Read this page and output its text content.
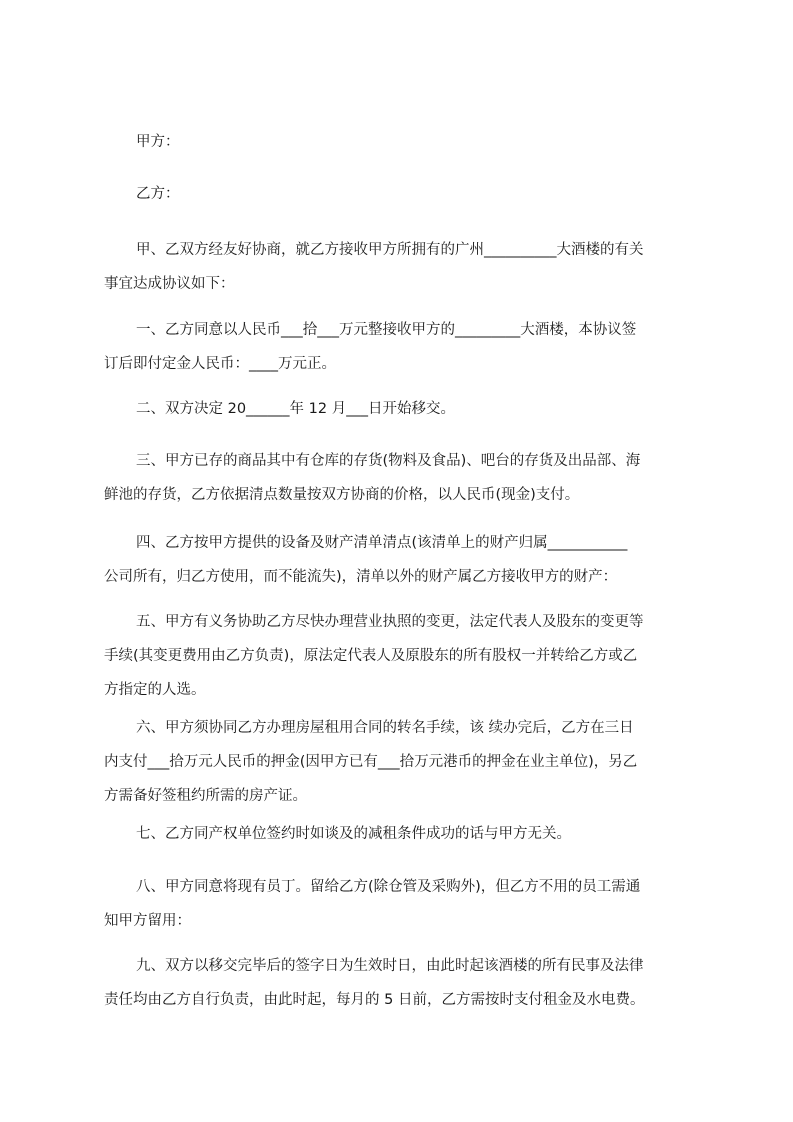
甲方：

乙方：

甲、乙双方经友好协商，就乙方接收甲方所拥有的广州__________大酒楼的有关
事宜达成协议如下：
一、乙方同意以人民币___拾___万元整接收甲方的_________大酒楼，本协议签
订后即付定金人民币：____万元正。
二、双方决定 20______年 12 月___日开始移交。
三、甲方已存的商品其中有仓库的存货(物料及食品)、吧台的存货及出品部、海
鲜池的存货，乙方依据清点数量按双方协商的价格，以人民币(现金)支付。
四、乙方按甲方提供的设备及财产清单清点(该清单上的财产归属___________
公司所有，归乙方使用，而不能流失)，清单以外的财产属乙方接收甲方的财产：
五、甲方有义务协助乙方尽快办理营业执照的变更，法定代表人及股东的变更等
手续(其变更费用由乙方负责)，原法定代表人及原股东的所有股权一并转给乙方或乙
方指定的人选。
六、甲方须协同乙方办理房屋租用合同的转名手续，该 续办完后，乙方在三日
内支付___拾万元人民币的押金(因甲方已有___拾万元港币的押金在业主单位)，另乙
方需备好签租约所需的房产证。
七、乙方同产权单位签约时如谈及的减租条件成功的话与甲方无关。
八、甲方同意将现有员丁。留给乙方(除仓管及采购外)，但乙方不用的员工需通
知甲方留用：
九、双方以移交完毕后的签字日为生效时日，由此时起该酒楼的所有民事及法律
责任均由乙方自行负责，由此时起，每月的 5 日前，乙方需按时支付租金及水电费。
